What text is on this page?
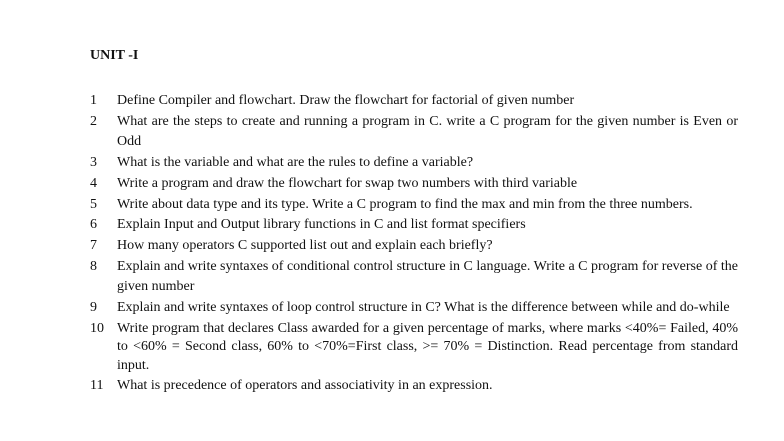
UNIT -I
1	Define Compiler and flowchart. Draw the flowchart for factorial of given number
2	What are the steps to create and running a program in C. write a C program for the given number is Even or Odd
3	What is the variable and what are the rules to define a variable?
4	Write a program and draw the flowchart for swap two numbers with third variable
5	Write about data type and its type. Write a C program to find the max and min from the three numbers.
6	Explain Input and Output library functions in C and list format specifiers
7	How many operators C supported list out and explain each briefly?
8	Explain and write syntaxes of conditional control structure in C language. Write a C program for reverse of the given number
9	Explain and write syntaxes of loop control structure in C? What is the difference between while and do-while
10 Write program that declares Class awarded for a given percentage of marks, where marks <40%= Failed, 40% to <60% = Second class, 60% to <70%=First class, >= 70% = Distinction. Read percentage from standard input.
11 What is precedence of operators and associativity in an expression.
